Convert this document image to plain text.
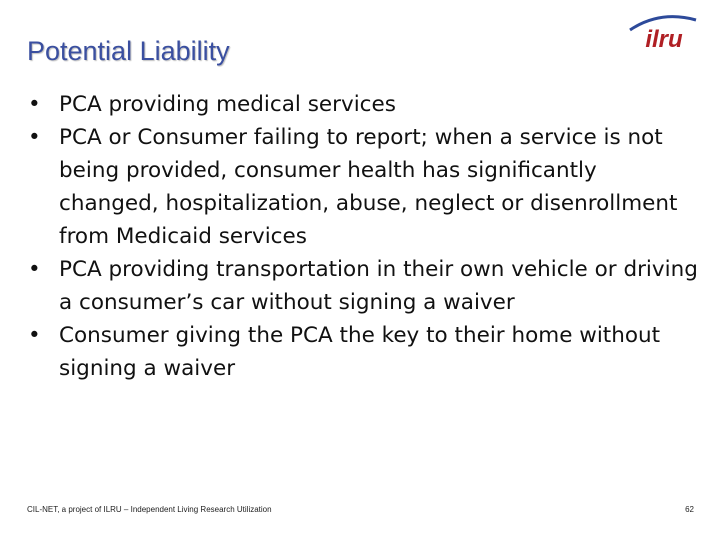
Potential Liability	ilru
• PCA providing medical services
• PCA or Consumer failing to report; when a service is not being provided, consumer health has significantly changed, hospitalization, abuse, neglect or disenrollment from Medicaid services
• PCA providing transportation in their own vehicle or driving a consumer’s car without signing a waiver
• Consumer giving the PCA the key to their home without signing a waiver
CIL-NET, a project of ILRU – Independent Living Research Utilization	62
